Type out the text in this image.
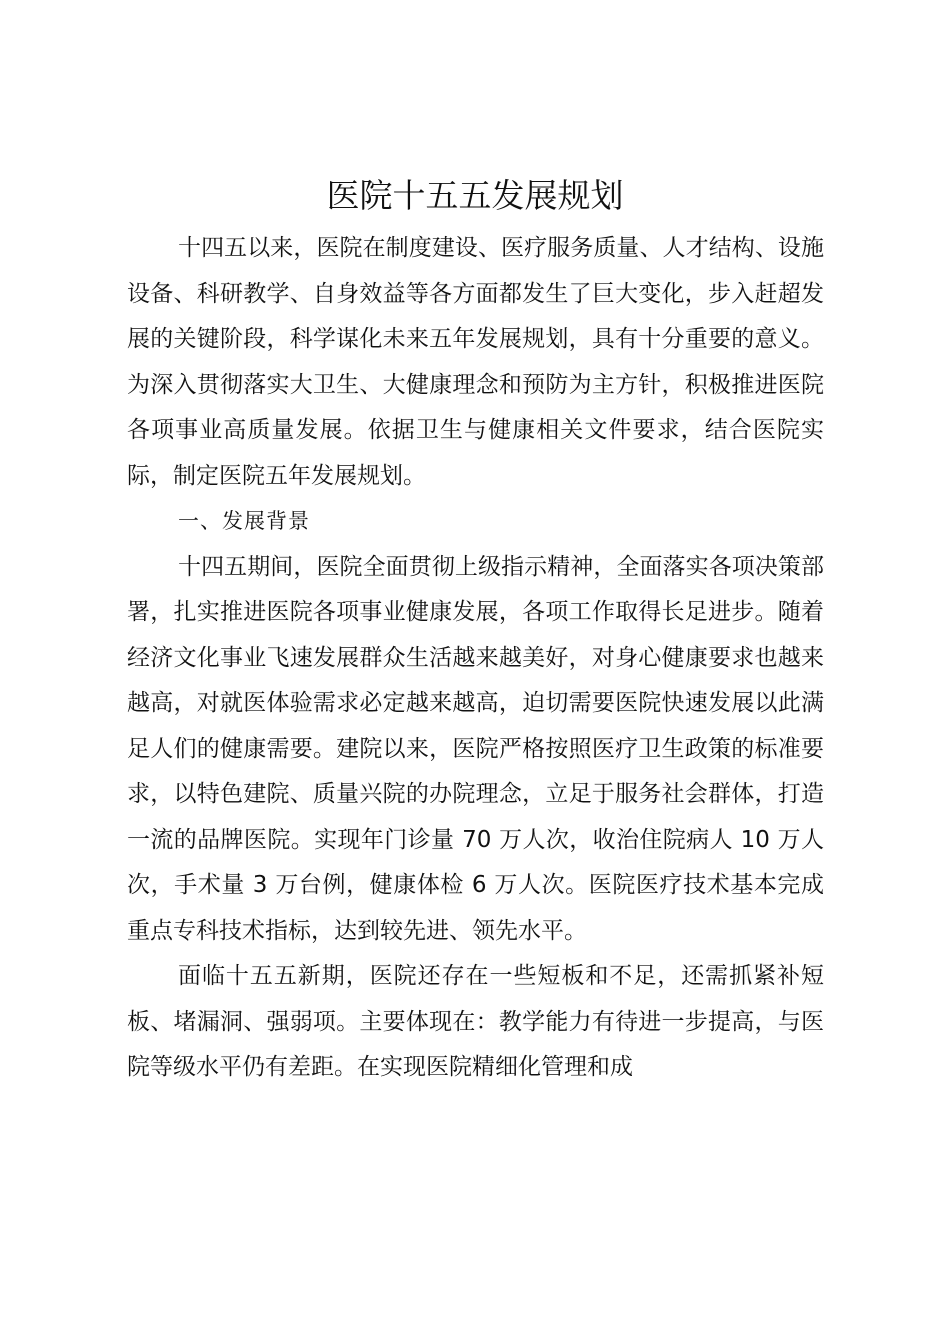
医院十五五发展规划

十四五以来，医院在制度建设、医疗服务质量、人才结构、设施设备、科研教学、自身效益等各方面都发生了巨大变化，步入赶超发展的关键阶段，科学谋化未来五年发展规划，具有十分重要的意义。为深入贯彻落实大卫生、大健康理念和预防为主方针，积极推进医院各项事业高质量发展。依据卫生与健康相关文件要求，结合医院实际，制定医院五年发展规划。

一、发展背景

十四五期间，医院全面贯彻上级指示精神，全面落实各项决策部署，扎实推进医院各项事业健康发展，各项工作取得长足进步。随着经济文化事业飞速发展群众生活越来越美好，对身心健康要求也越来越高，对就医体验需求必定越来越高，迫切需要医院快速发展以此满足人们的健康需要。建院以来，医院严格按照医疗卫生政策的标准要求，以特色建院、质量兴院的办院理念，立足于服务社会群体，打造一流的品牌医院。实现年门诊量 70 万人次，收治住院病人 10 万人次，手术量 3 万台例，健康体检 6 万人次。医院医疗技术基本完成重点专科技术指标，达到较先进、领先水平。

面临十五五新期，医院还存在一些短板和不足，还需抓紧补短板、堵漏洞、强弱项。主要体现在：教学能力有待进一步提高，与医院等级水平仍有差距。在实现医院精细化管理和成
